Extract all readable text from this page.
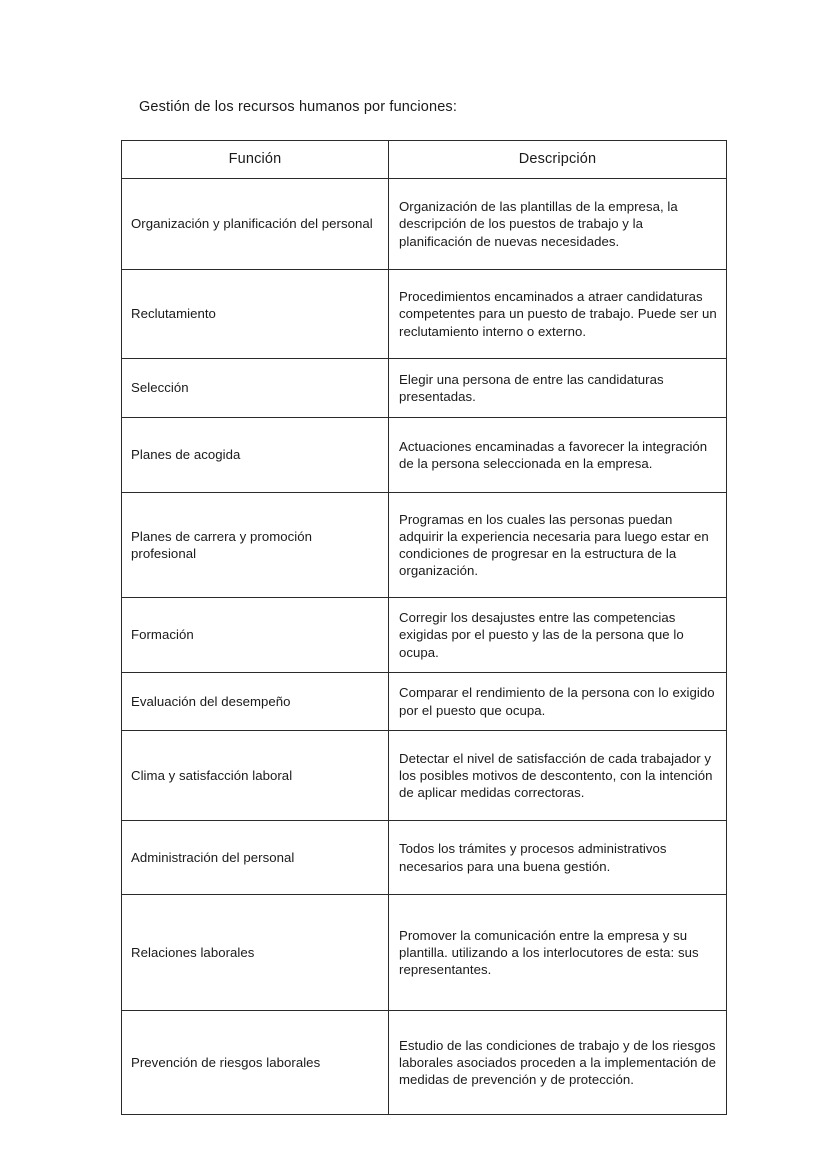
Gestión de los recursos humanos por funciones:
Función	Descripción

Organización y planificación del personal	Organización de las plantillas de la empresa, la descripción de los puestos de trabajo y la planificación de nuevas necesidades.

Reclutamiento	Procedimientos encaminados a atraer candidaturas competentes para un puesto de trabajo. Puede ser un reclutamiento interno o externo.

Selección	Elegir una persona de entre las candidaturas presentadas.

Planes de acogida	Actuaciones encaminadas a favorecer la integración de la persona seleccionada en la empresa.

Planes de carrera y promoción profesional	Programas en los cuales las personas puedan adquirir la experiencia necesaria para luego estar en condiciones de progresar en la estructura de la organización.

Formación	Corregir los desajustes entre las competencias exigidas por el puesto y las de la persona que lo ocupa.

Evaluación del desempeño	Comparar el rendimiento de la persona con lo exigido por el puesto que ocupa.

Clima y satisfacción laboral	Detectar el nivel de satisfacción de cada trabajador y los posibles motivos de descontento, con la intención de aplicar medidas correctoras.

Administración del personal	Todos los trámites y procesos administrativos necesarios para una buena gestión.

Relaciones laborales	Promover la comunicación entre la empresa y su plantilla. utilizando a los interlocutores de esta: sus representantes.

Prevención de riesgos laborales	Estudio de las condiciones de trabajo y de los riesgos laborales asociados proceden a la implementación de medidas de prevención y de protección.
